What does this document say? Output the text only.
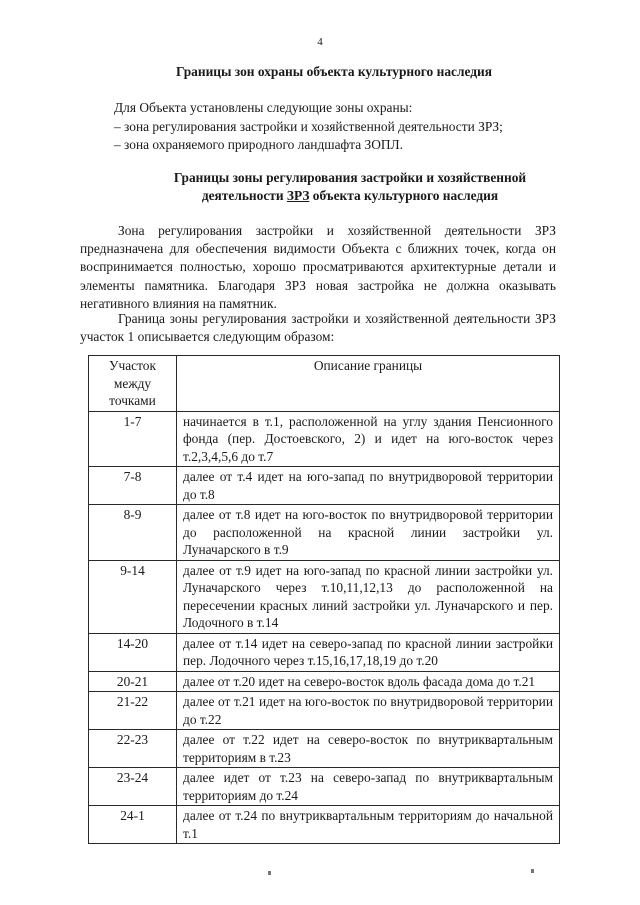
4
Границы зон охраны объекта культурного наследия

Для Объекта установлены следующие зоны охраны:

– зона регулирования застройки и хозяйственной деятельности ЗРЗ;

– зона охраняемого природного ландшафта ЗОПЛ.

Границы зоны регулирования застройки и хозяйственной
деятельности ЗРЗ объекта культурного наследия

Зона регулирования застройки и хозяйственной деятельности ЗРЗ предназначена для обеспечения видимости Объекта с ближних точек, когда он воспринимается полностью, хорошо просматриваются архитектурные детали и элементы памятника. Благодаря ЗРЗ новая застройка не должна оказывать негативного влияния на памятник.

Граница зоны регулирования застройки и хозяйственной деятельности ЗРЗ участок 1 описывается следующим образом:

Участок между точками	Описание границы
1-7	начинается в т.1, расположенной на углу здания Пенсионного фонда (пер. Достоевского, 2) и идет на юго-восток через т.2,3,4,5,6 до т.7
7-8	далее от т.4 идет на юго-запад по внутридворовой территории до т.8
8-9	далее от т.8 идет на юго-восток по внутридворовой территории до расположенной на красной линии застройки ул. Луначарского в т.9
9-14	далее от т.9 идет на юго-запад по красной линии застройки ул. Луначарского через т.10,11,12,13 до расположенной на пересечении красных линий застройки ул. Луначарского и пер. Лодочного в т.14
14-20	далее от т.14 идет на северо-запад по красной линии застройки пер. Лодочного через т.15,16,17,18,19 до т.20
20-21	далее от т.20 идет на северо-восток вдоль фасада дома до т.21
21-22	далее от т.21 идет на юго-восток по внутридворовой территории до т.22
22-23	далее от т.22 идет на северо-восток по внутриквартальным территориям в т.23
23-24	далее идет от т.23 на северо-запад по внутриквартальным территориям до т.24
24-1	далее от т.24 по внутриквартальным территориям до начальной т.1
